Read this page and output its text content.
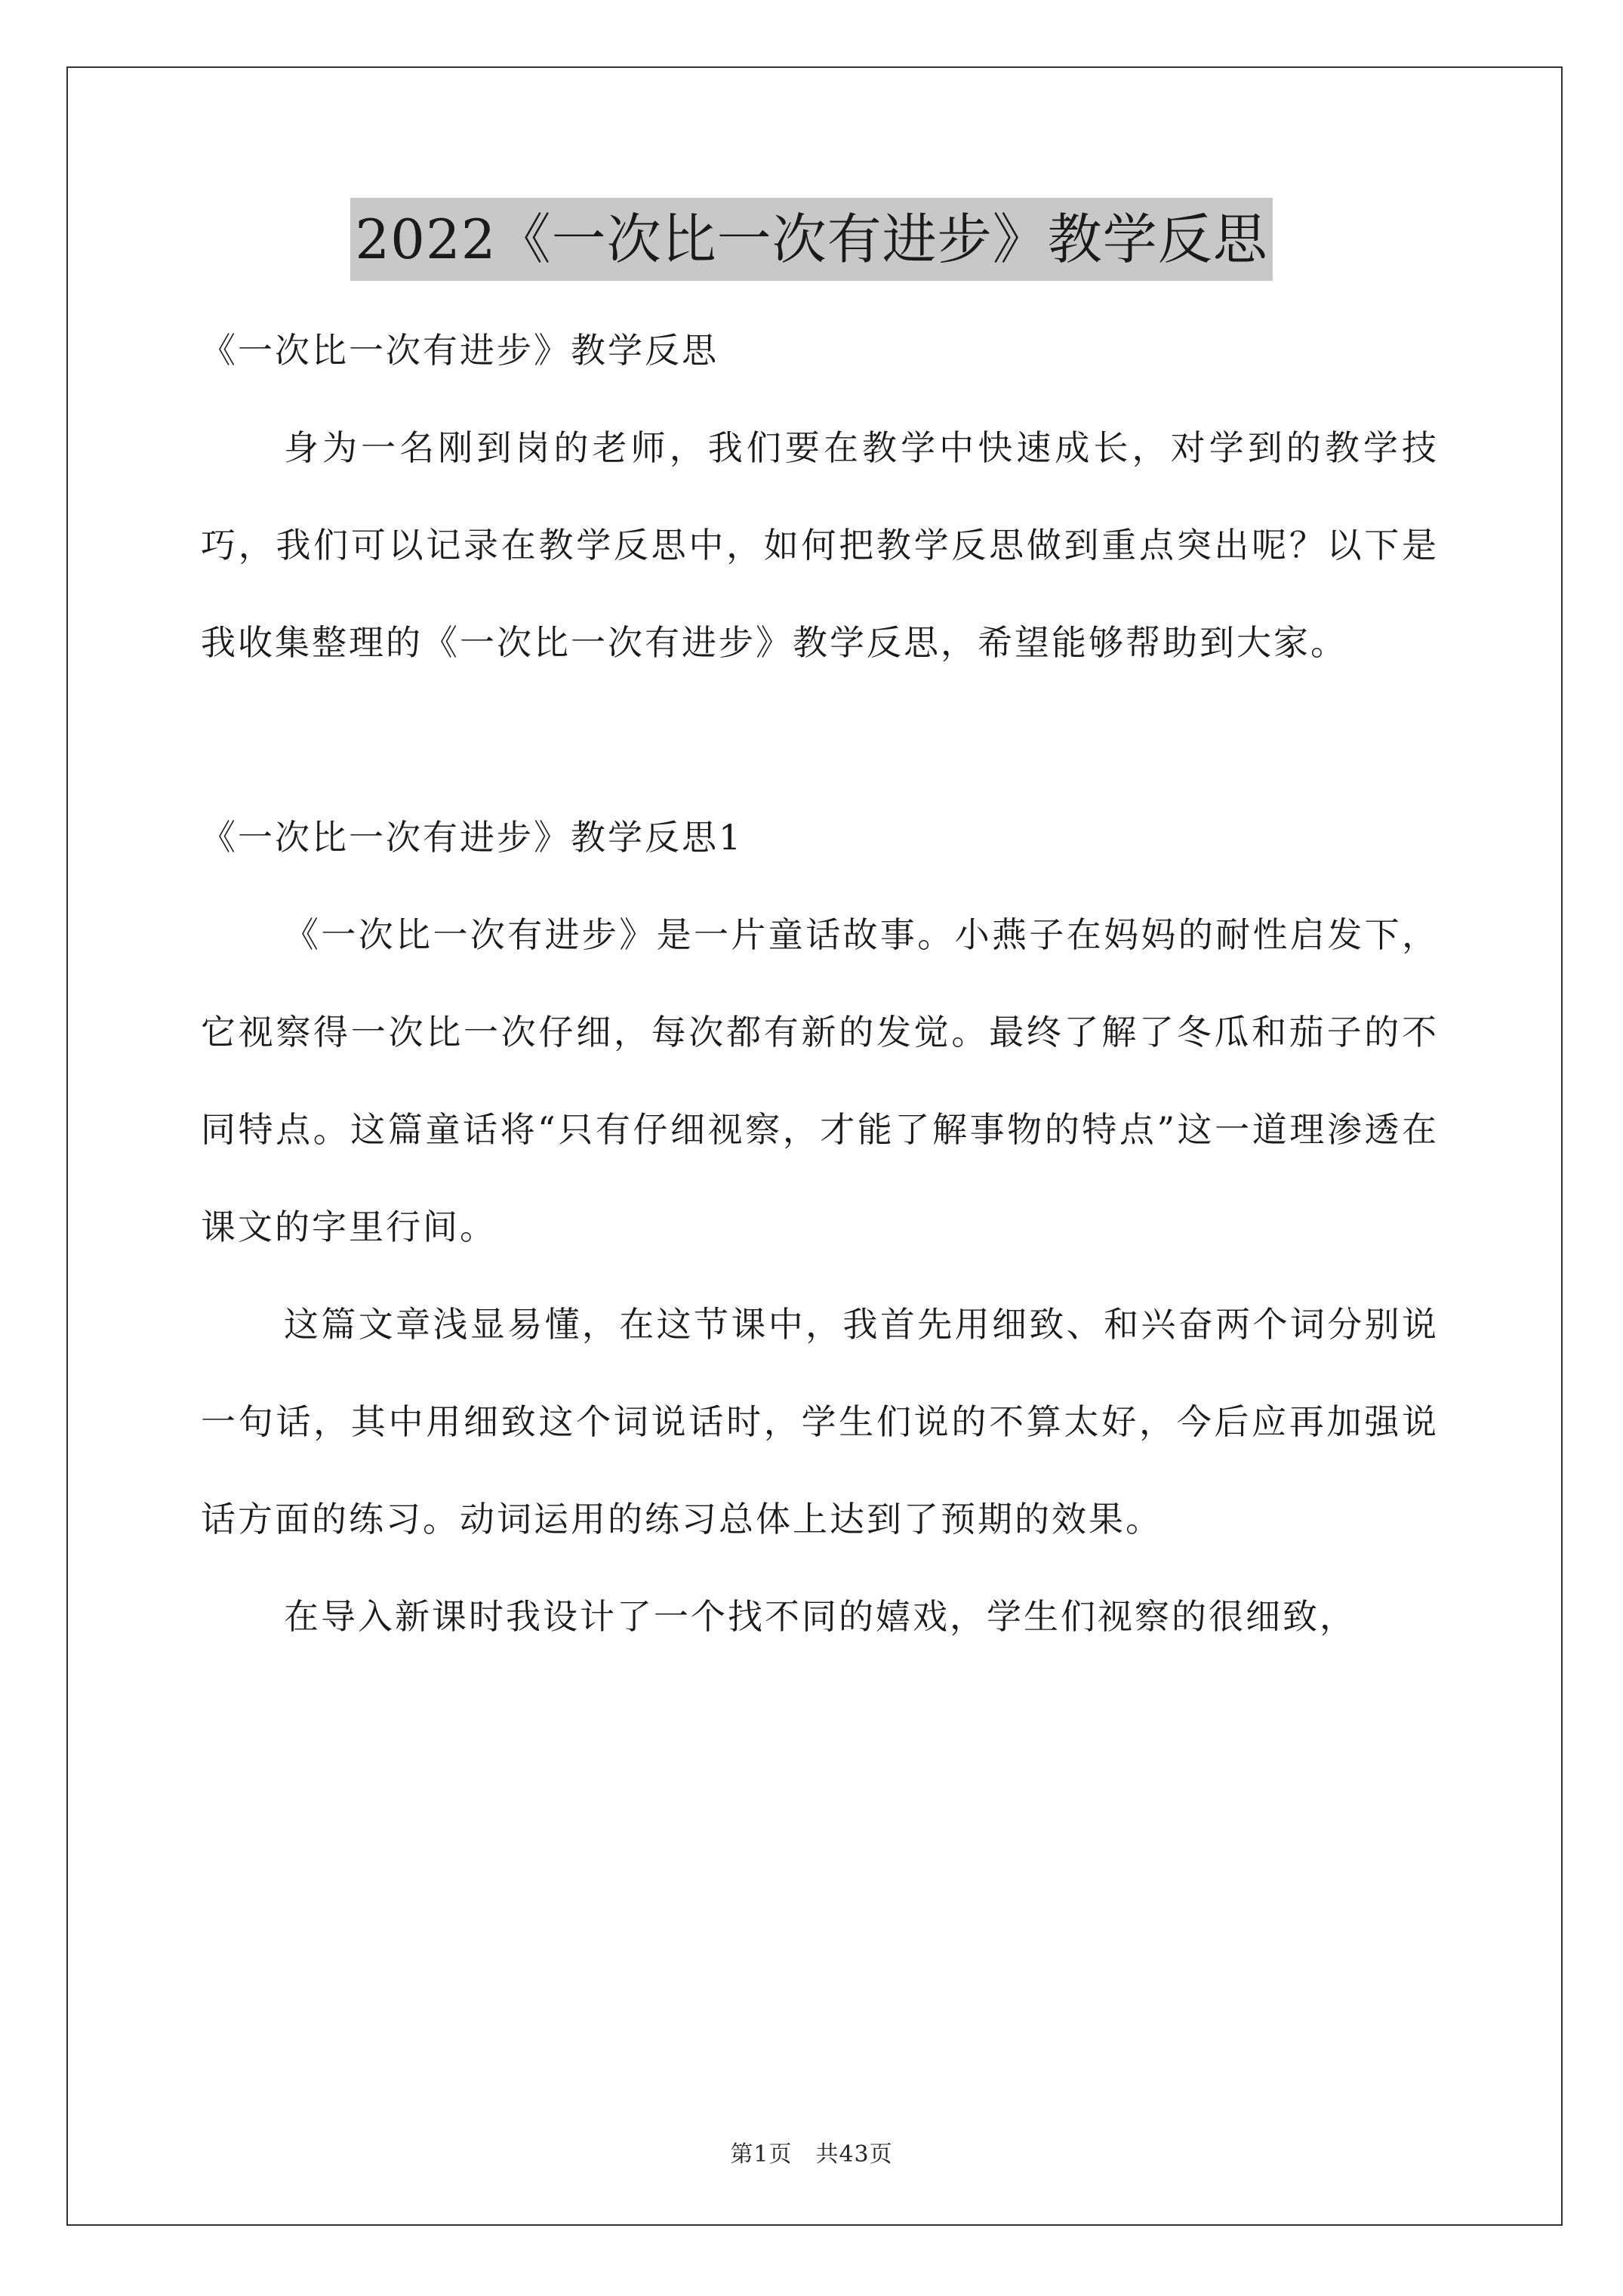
2022《一次比一次有进步》教学反思

《一次比一次有进步》教学反思

身为一名刚到岗的老师，我们要在教学中快速成长，对学到的教学技巧，我们可以记录在教学反思中，如何把教学反思做到重点突出呢？以下是我收集整理的《一次比一次有进步》教学反思，希望能够帮助到大家。

《一次比一次有进步》教学反思1

《一次比一次有进步》是一片童话故事。小燕子在妈妈的耐性启发下，它视察得一次比一次仔细，每次都有新的发觉。最终了解了冬瓜和茄子的不同特点。这篇童话将“只有仔细视察，才能了解事物的特点”这一道理渗透在课文的字里行间。

这篇文章浅显易懂，在这节课中，我首先用细致、和兴奋两个词分别说一句话，其中用细致这个词说话时，学生们说的不算太好，今后应再加强说话方面的练习。动词运用的练习总体上达到了预期的效果。

在导入新课时我设计了一个找不同的嬉戏，学生们视察的很细致，

第1页　共43页
